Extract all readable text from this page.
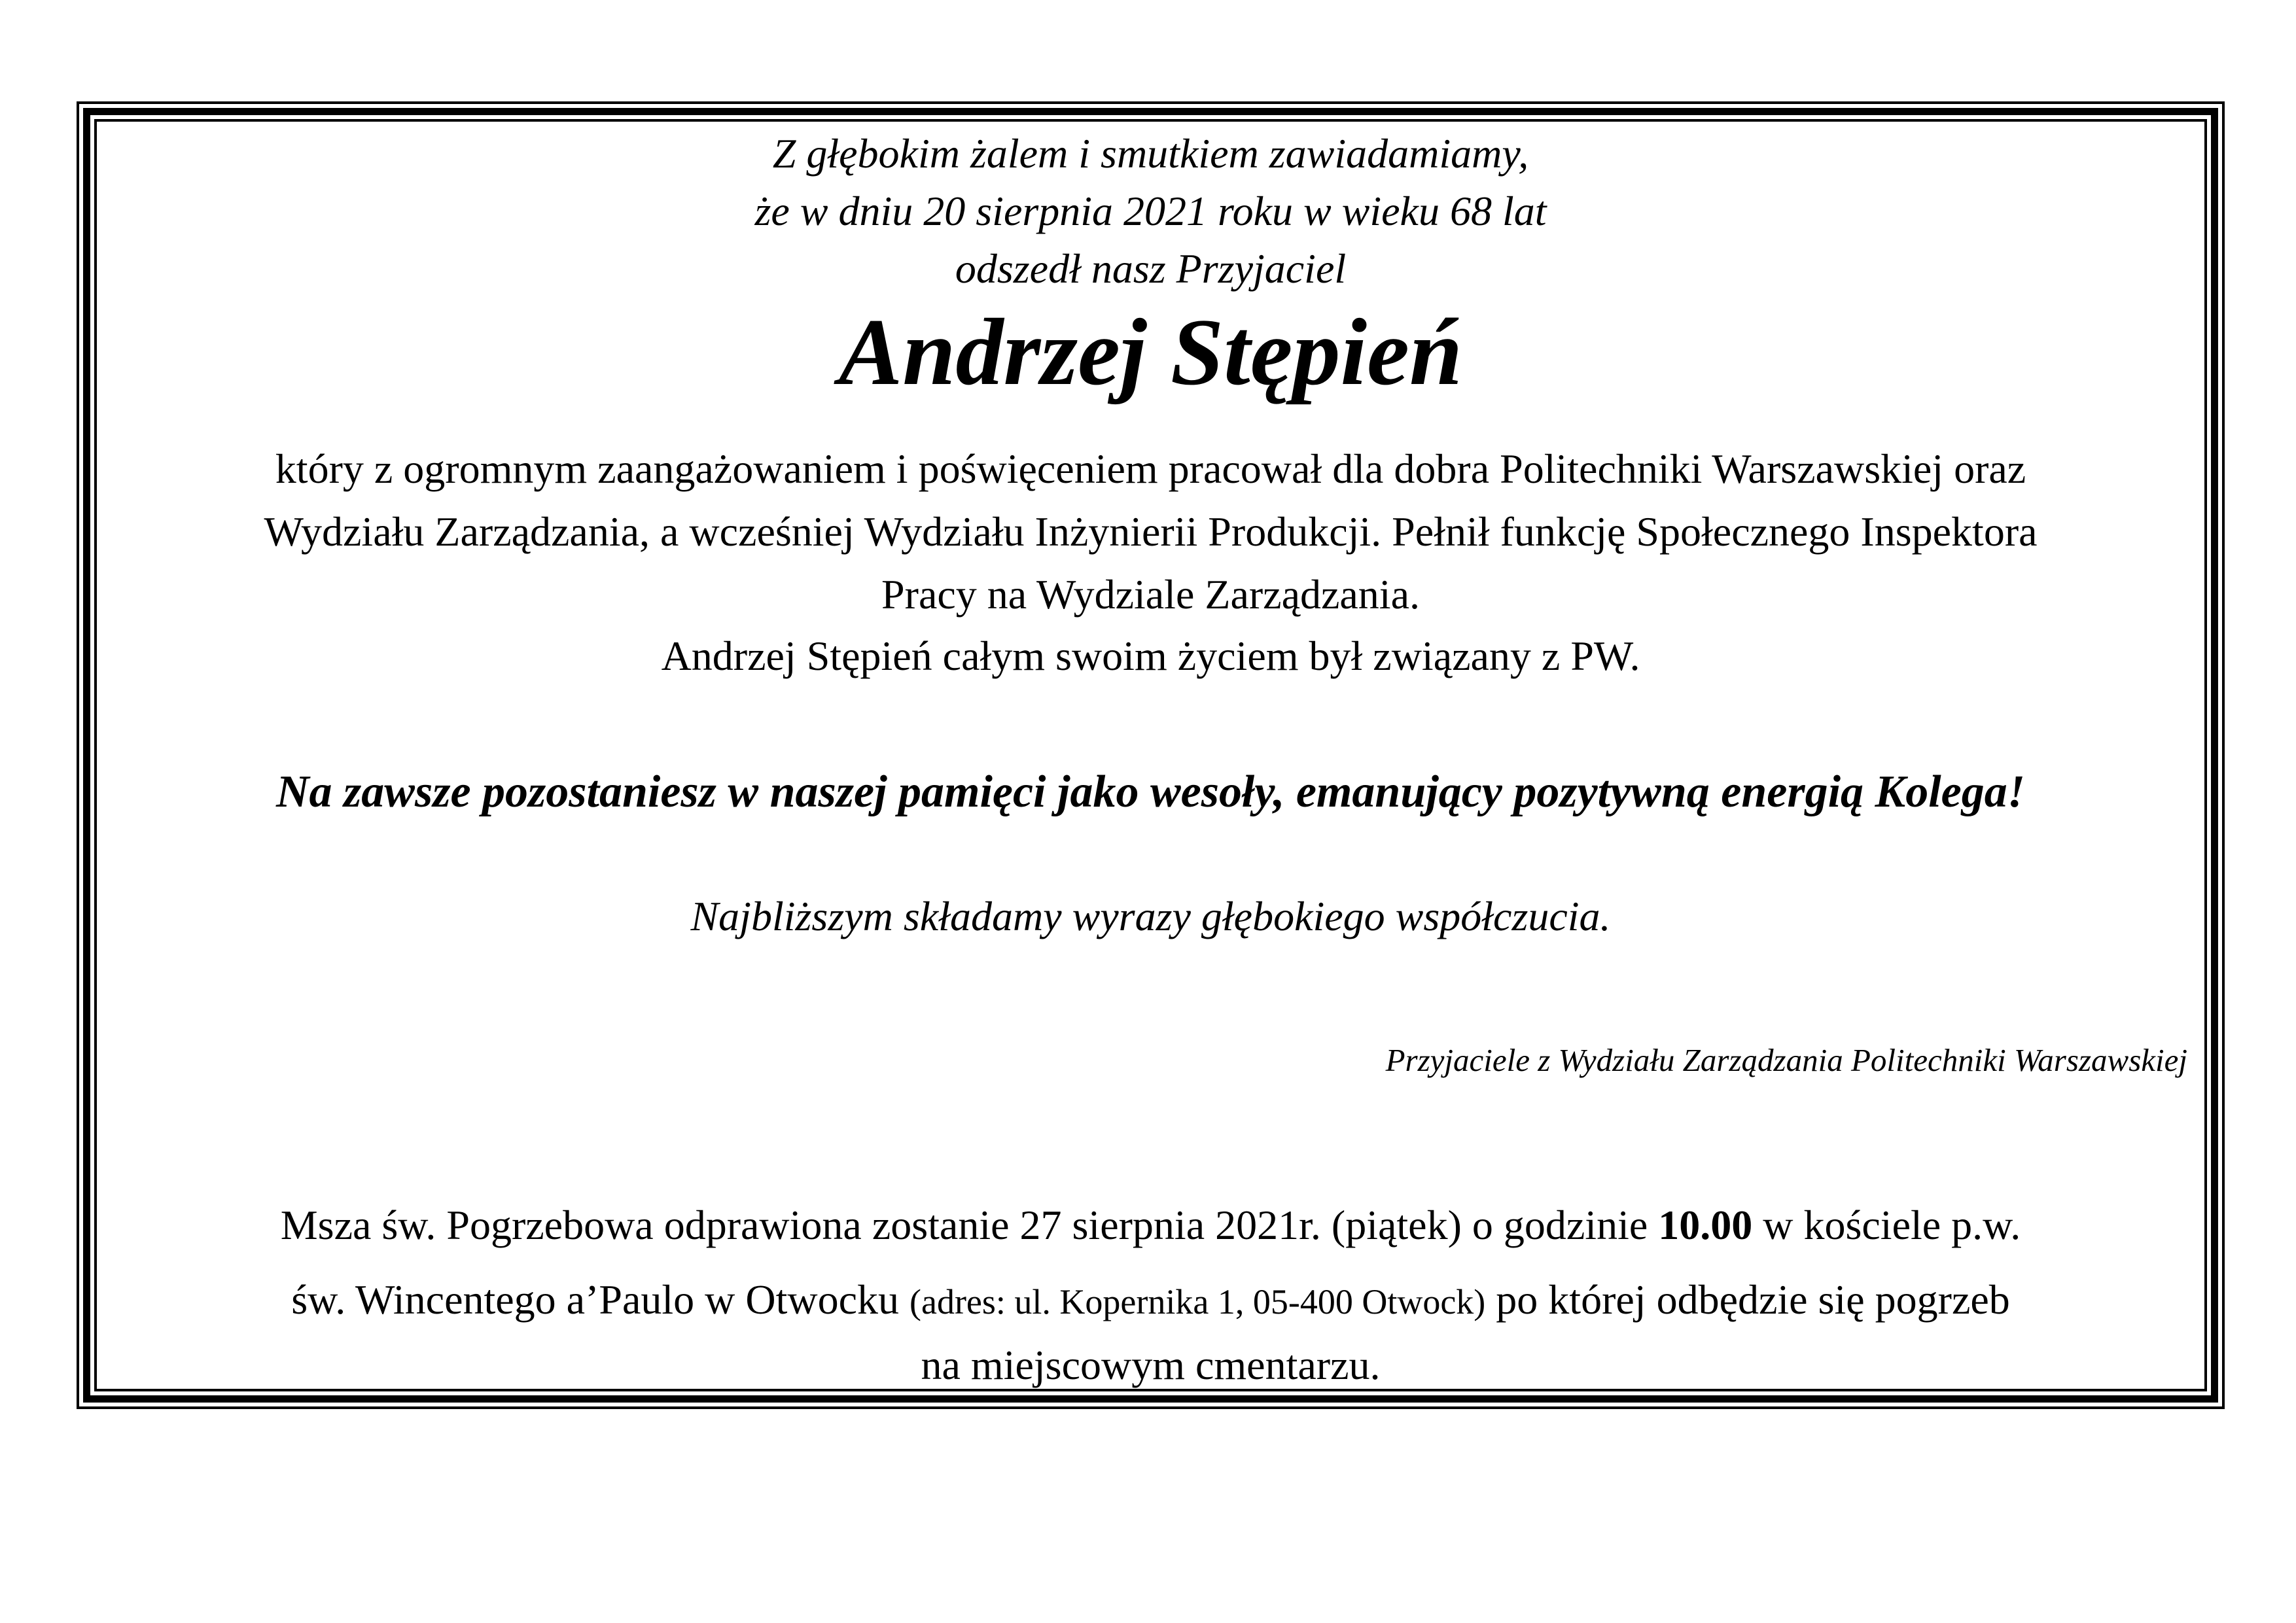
Z głębokim żalem i smutkiem zawiadamiamy,

że w dniu 20 sierpnia 2021 roku w wieku 68 lat

odszedł nasz Przyjaciel

Andrzej Stępień

który z ogromnym zaangażowaniem i poświęceniem pracował dla dobra Politechniki Warszawskiej oraz

Wydziału Zarządzania, a wcześniej Wydziału Inżynierii Produkcji. Pełnił funkcję Społecznego Inspektora

Pracy na Wydziale Zarządzania.

Andrzej Stępień całym swoim życiem był związany z PW.

Na zawsze pozostaniesz w naszej pamięci jako wesoły, emanujący pozytywną energią Kolega!

Najbliższym składamy wyrazy głębokiego współczucia.

Przyjaciele z Wydziału Zarządzania Politechniki Warszawskiej

Msza św. Pogrzebowa odprawiona zostanie 27 sierpnia 2021r. (piątek) o godzinie 10.00 w kościele p.w.

św. Wincentego a’Paulo w Otwocku (adres: ul. Kopernika 1, 05-400 Otwock) po której odbędzie się pogrzeb

na miejscowym cmentarzu.
